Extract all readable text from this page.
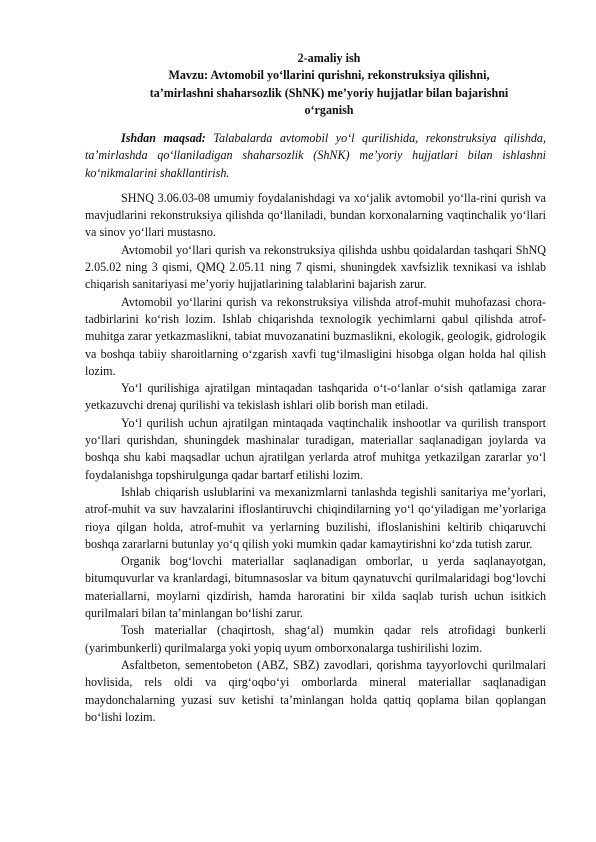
2-amaliy ish
Mavzu: Avtomobil yo‘llarini qurishni, rekonstruksiya qilishni,
ta’mirlashni shaharsozlik (ShNK) me’yoriy hujjatlar bilan bajarishni
o‘rganish

Ishdan maqsad: Talabalarda avtomobil yo‘l qurilishida, rekonstruksiya qilishda, ta’mirlashda qo‘llaniladigan shaharsozlik (ShNK) me’yoriy hujjatlari bilan ishlashni ko‘nikmalarini shakllantirish.

SHNQ 3.06.03-08 umumiy foydalanishdagi va xo‘jalik avtomobil yo‘lla-rini qurish va mavjudlarini rekonstruksiya qilishda qo‘llaniladi, bundan korxonalarning vaqtinchalik yo‘llari va sinov yo‘llari mustasno.

Avtomobil yo‘llari qurish va rekonstruksiya qilishda ushbu qoidalardan tashqari ShNQ 2.05.02 ning 3 qismi, QMQ 2.05.11 ning 7 qismi, shuningdek xavfsizlik texnikasi va ishlab chiqarish sanitariyasi me’yoriy hujjatlarining talablarini bajarish zarur.

Avtomobil yo‘llarini qurish va rekonstruksiya vilishda atrof-muhit muhofazasi chora-tadbirlarini ko‘rish lozim. Ishlab chiqarishda texnologik yechimlarni qabul qilishda atrof-muhitga zarar yetkazmaslikni, tabiat muvozanatini buzmaslikni, ekologik, geologik, gidrologik va boshqa tabiiy sharoitlarning o‘zgarish xavfi tug‘ilmasligini hisobga olgan holda hal qilish lozim.

Yo‘l qurilishiga ajratilgan mintaqadan tashqarida o‘t-o‘lanlar o‘sish qatlamiga zarar yetkazuvchi drenaj qurilishi va tekislash ishlari olib borish man etiladi.

Yo‘l qurilish uchun ajratilgan mintaqada vaqtinchalik inshootlar va qurilish transport yo‘llari qurishdan, shuningdek mashinalar turadigan, materiallar saqlanadigan joylarda va boshqa shu kabi maqsadlar uchun ajratilgan yerlarda atrof muhitga yetkazilgan zararlar yo‘l foydalanishga topshirulgunga qadar bartarf etilishi lozim.

Ishlab chiqarish uslublarini va mexanizmlarni tanlashda tegishli sanitariya me’yorlari, atrof-muhit va suv havzalarini ifloslantiruvchi chiqindilarning yo‘l qo‘yiladigan me’yorlariga rioya qilgan holda, atrof-muhit va yerlarning buzilishi, ifloslanishini keltirib chiqaruvchi boshqa zararlarni butunlay yo‘q qilish yoki mumkin qadar kamaytirishni ko‘zda tutish zarur.

Organik bog‘lovchi materiallar saqlanadigan omborlar, u yerda saqlanayotgan, bitumquvurlar va kranlardagi, bitumnasoslar va bitum qaynatuvchi qurilmalaridagi bog‘lovchi materiallarni, moylarni qizdirish, hamda haroratini bir xilda saqlab turish uchun isitkich qurilmalari bilan ta’minlangan bo‘lishi zarur.

Tosh materiallar (chaqirtosh, shag‘al) mumkin qadar rels atrofidagi bunkerli (yarimbunkerli) qurilmalarga yoki yopiq uyum omborxonalarga tushirilishi lozim.

Asfaltbeton, sementobeton (ABZ, SBZ) zavodlari, qorishma tayyorlovchi qurilmalari hovlisida, rels oldi va qirg‘oqbo‘yi omborlarda mineral materiallar saqlanadigan maydonchalarning yuzasi suv ketishi ta’minlangan holda qattiq qoplama bilan qoplangan bo‘lishi lozim.
